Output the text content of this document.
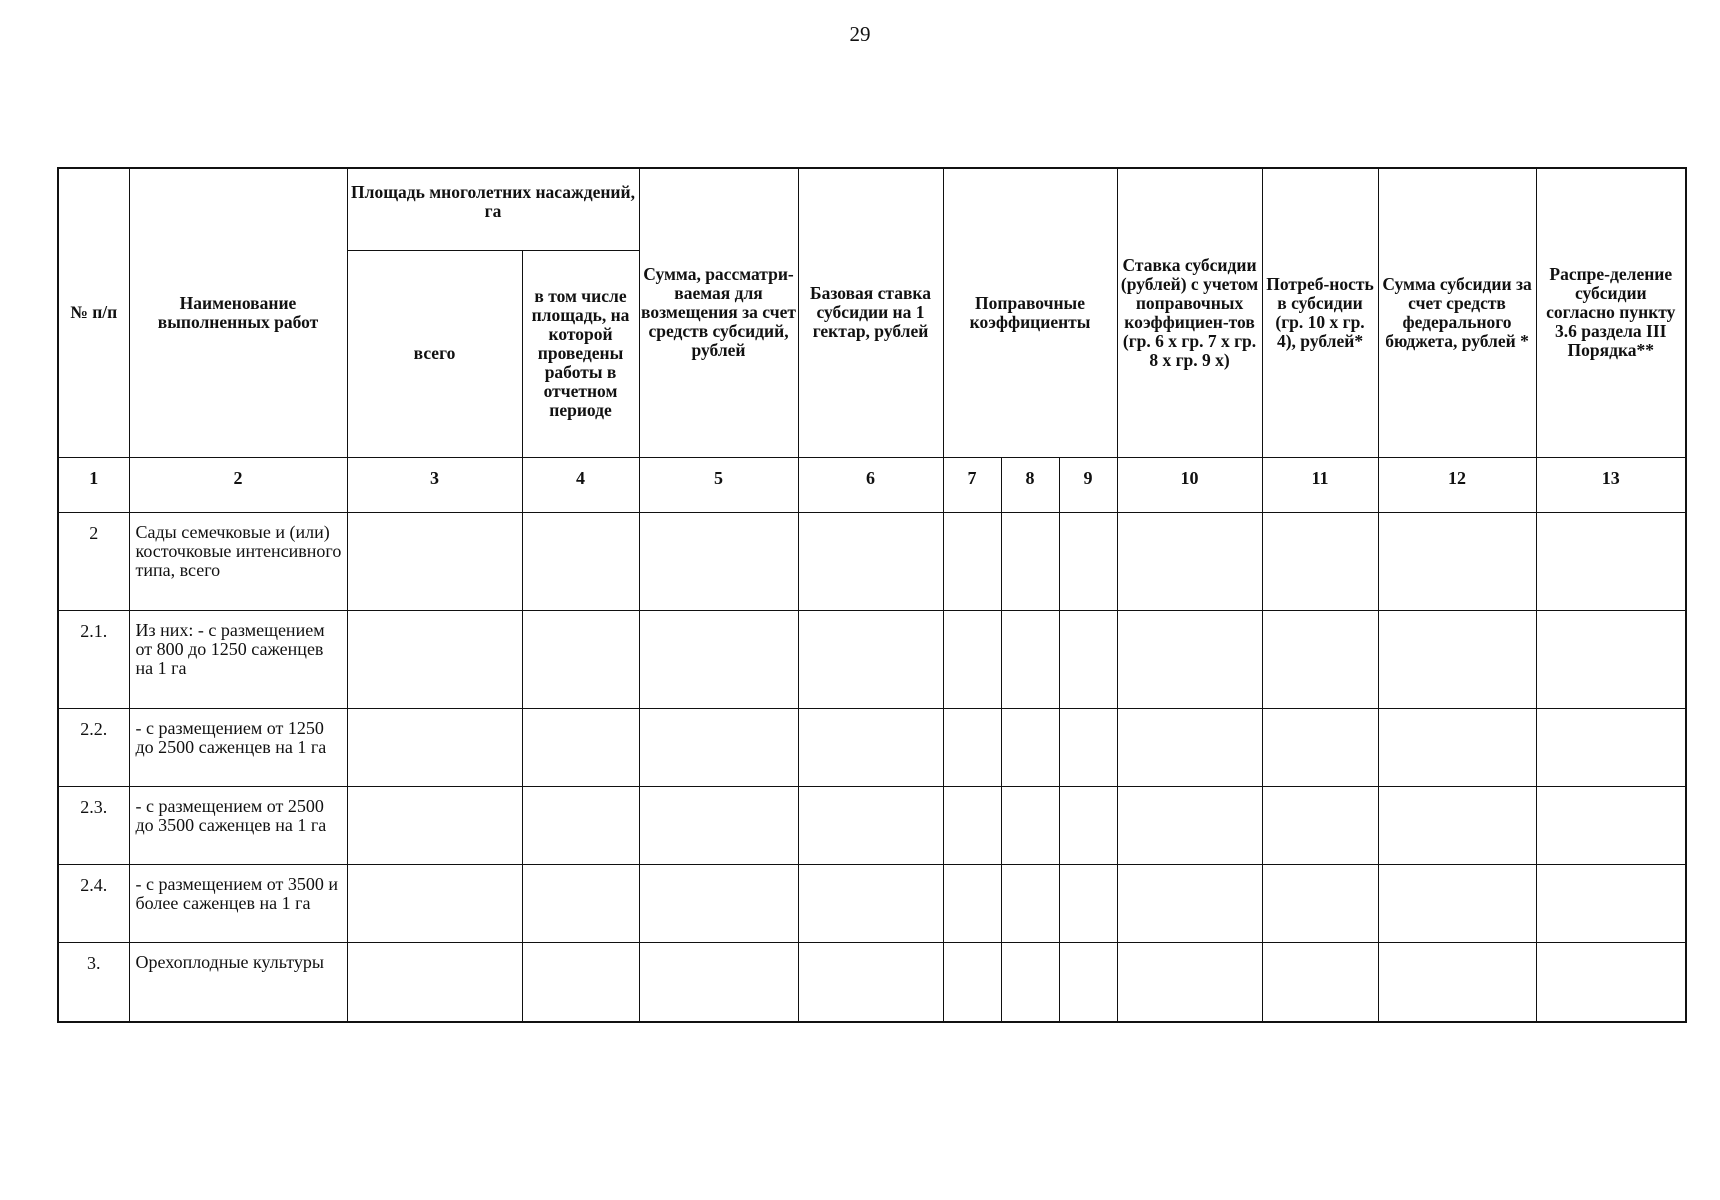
29
№ п/п	Наименование выполненных работ	Площадь многолетних насаждений, га		Сумма, рассматри-ваемая для возмещения за счет средств субсидий, рублей	Базовая ставка субсидии на 1 гектар, рублей	Поправочные коэффициенты			Ставка субсидии (рублей) с учетом поправочных коэффициен-тов (гр. 6 х гр. 7 х гр. 8 х гр. 9 х)	Потреб-ность в субсидии (гр. 10 х гр. 4), рублей*	Сумма субсидии за счет средств федерального бюджета, рублей *	Распре-деление субсидии согласно пункту 3.6 раздела III Порядка**
		всего	в том числе площадь, на которой проведены работы в отчетном периоде									
1	2	3	4	5	6	7	8	9	10	11	12	13
2	Сады семечковые и (или) косточковые интенсивного типа, всего											
2.1.	Из них: - с размещением от 800 до 1250 саженцев на 1 га											
2.2.	- с размещением от 1250 до 2500 саженцев на 1 га											
2.3.	- с размещением от 2500 до 3500 саженцев на 1 га											
2.4.	- с размещением от 3500 и более саженцев на 1 га											
3.	Орехоплодные культуры											
